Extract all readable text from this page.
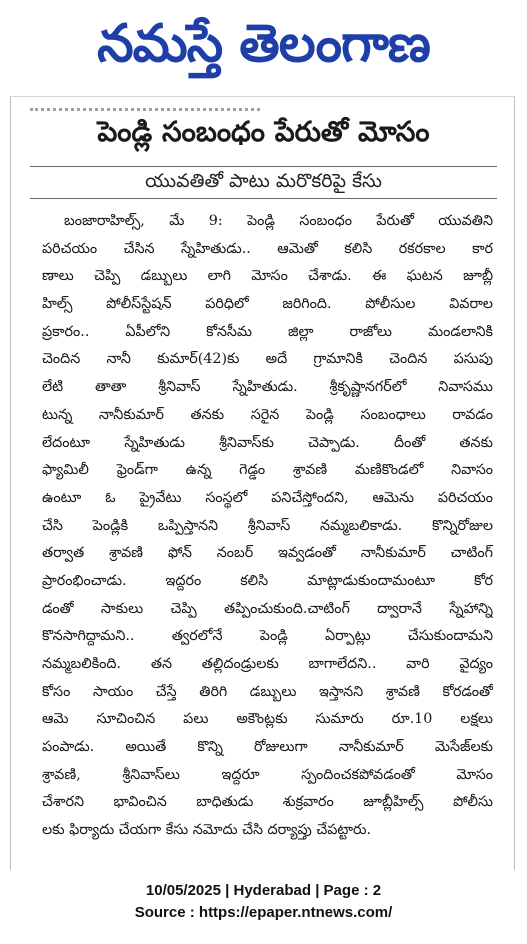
నమస్తే తెలంగాణ
పెండ్లి సంబంధం పేరుతో మోసం
యువతితో పాటు మరొకరిపై కేసు
బంజారాహిల్స్, మే 9: పెండ్లి సంబంధం పేరుతో యువతిని
పరిచయం చేసిన స్నేహితుడు.. ఆమెతో కలిసి రకరకాల కార
ణాలు చెప్పి డబ్బులు లాగి మోసం చేశాడు. ఈ ఘటన జూబ్లీ
హిల్స్ పోలీస్‌స్టేషన్ పరిధిలో జరిగింది. పోలీసుల వివరాల
ప్రకారం.. ఏపీలోని కోనసీమ జిల్లా రాజోలు మండలానికి
చెందిన నానీ కుమార్(42)కు అదే గ్రామానికి చెందిన పసుపు
లేటి తాతా శ్రీనివాస్ స్నేహితుడు. శ్రీకృష్ణానగర్‌లో నివాసము
టున్న నానీకుమార్ తనకు సరైన పెండ్లి సంబంధాలు రావడం
లేదంటూ స్నేహితుడు శ్రీనివాస్‌కు చెప్పాడు. దీంతో తనకు
ఫ్యామిలీ ఫ్రెండ్‌గా ఉన్న గెడ్డం శ్రావణి మణికొండలో నివాసం
ఉంటూ ఓ ప్రైవేటు సంస్థలో పనిచేస్తోందని, ఆమెను పరిచయం
చేసి పెండ్లికి ఒప్పిస్తానని శ్రీనివాస్ నమ్మబలికాడు. కొన్నిరోజుల
తర్వాత శ్రావణి ఫోన్ నంబర్ ఇవ్వడంతో నానీకుమార్ చాటింగ్
ప్రారంభించాడు. ఇద్దరం కలిసి మాట్లాడుకుందామంటూ కోర
డంతో సాకులు చెప్పి తప్పించుకుంది.చాటింగ్ ద్వారానే స్నేహాన్ని
కొనసాగిద్దామని.. త్వరలోనే పెండ్లి ఏర్పాట్లు చేసుకుందామని
నమ్మబలికింది. తన తల్లిదండ్రులకు బాగాలేదని.. వారి వైద్యం
కోసం సాయం చేస్తే తిరిగి డబ్బులు ఇస్తానని శ్రావణి కోరడంతో
ఆమె సూచించిన పలు అకౌంట్లకు సుమారు రూ.10 లక్షలు
పంపాడు. అయితే కొన్ని రోజులుగా నానీకుమార్ మెసేజ్‌లకు
శ్రావణి, శ్రీనివాస్‌లు ఇద్దరూ స్పందించకపోవడంతో మోసం
చేశారని భావించిన బాధితుడు శుక్రవారం జూబ్లీహిల్స్ పోలీసు
లకు ఫిర్యాదు చేయగా కేసు నమోదు చేసి దర్యాప్తు చేపట్టారు.
10/05/2025 | Hyderabad | Page : 2
Source : https://epaper.ntnews.com/
